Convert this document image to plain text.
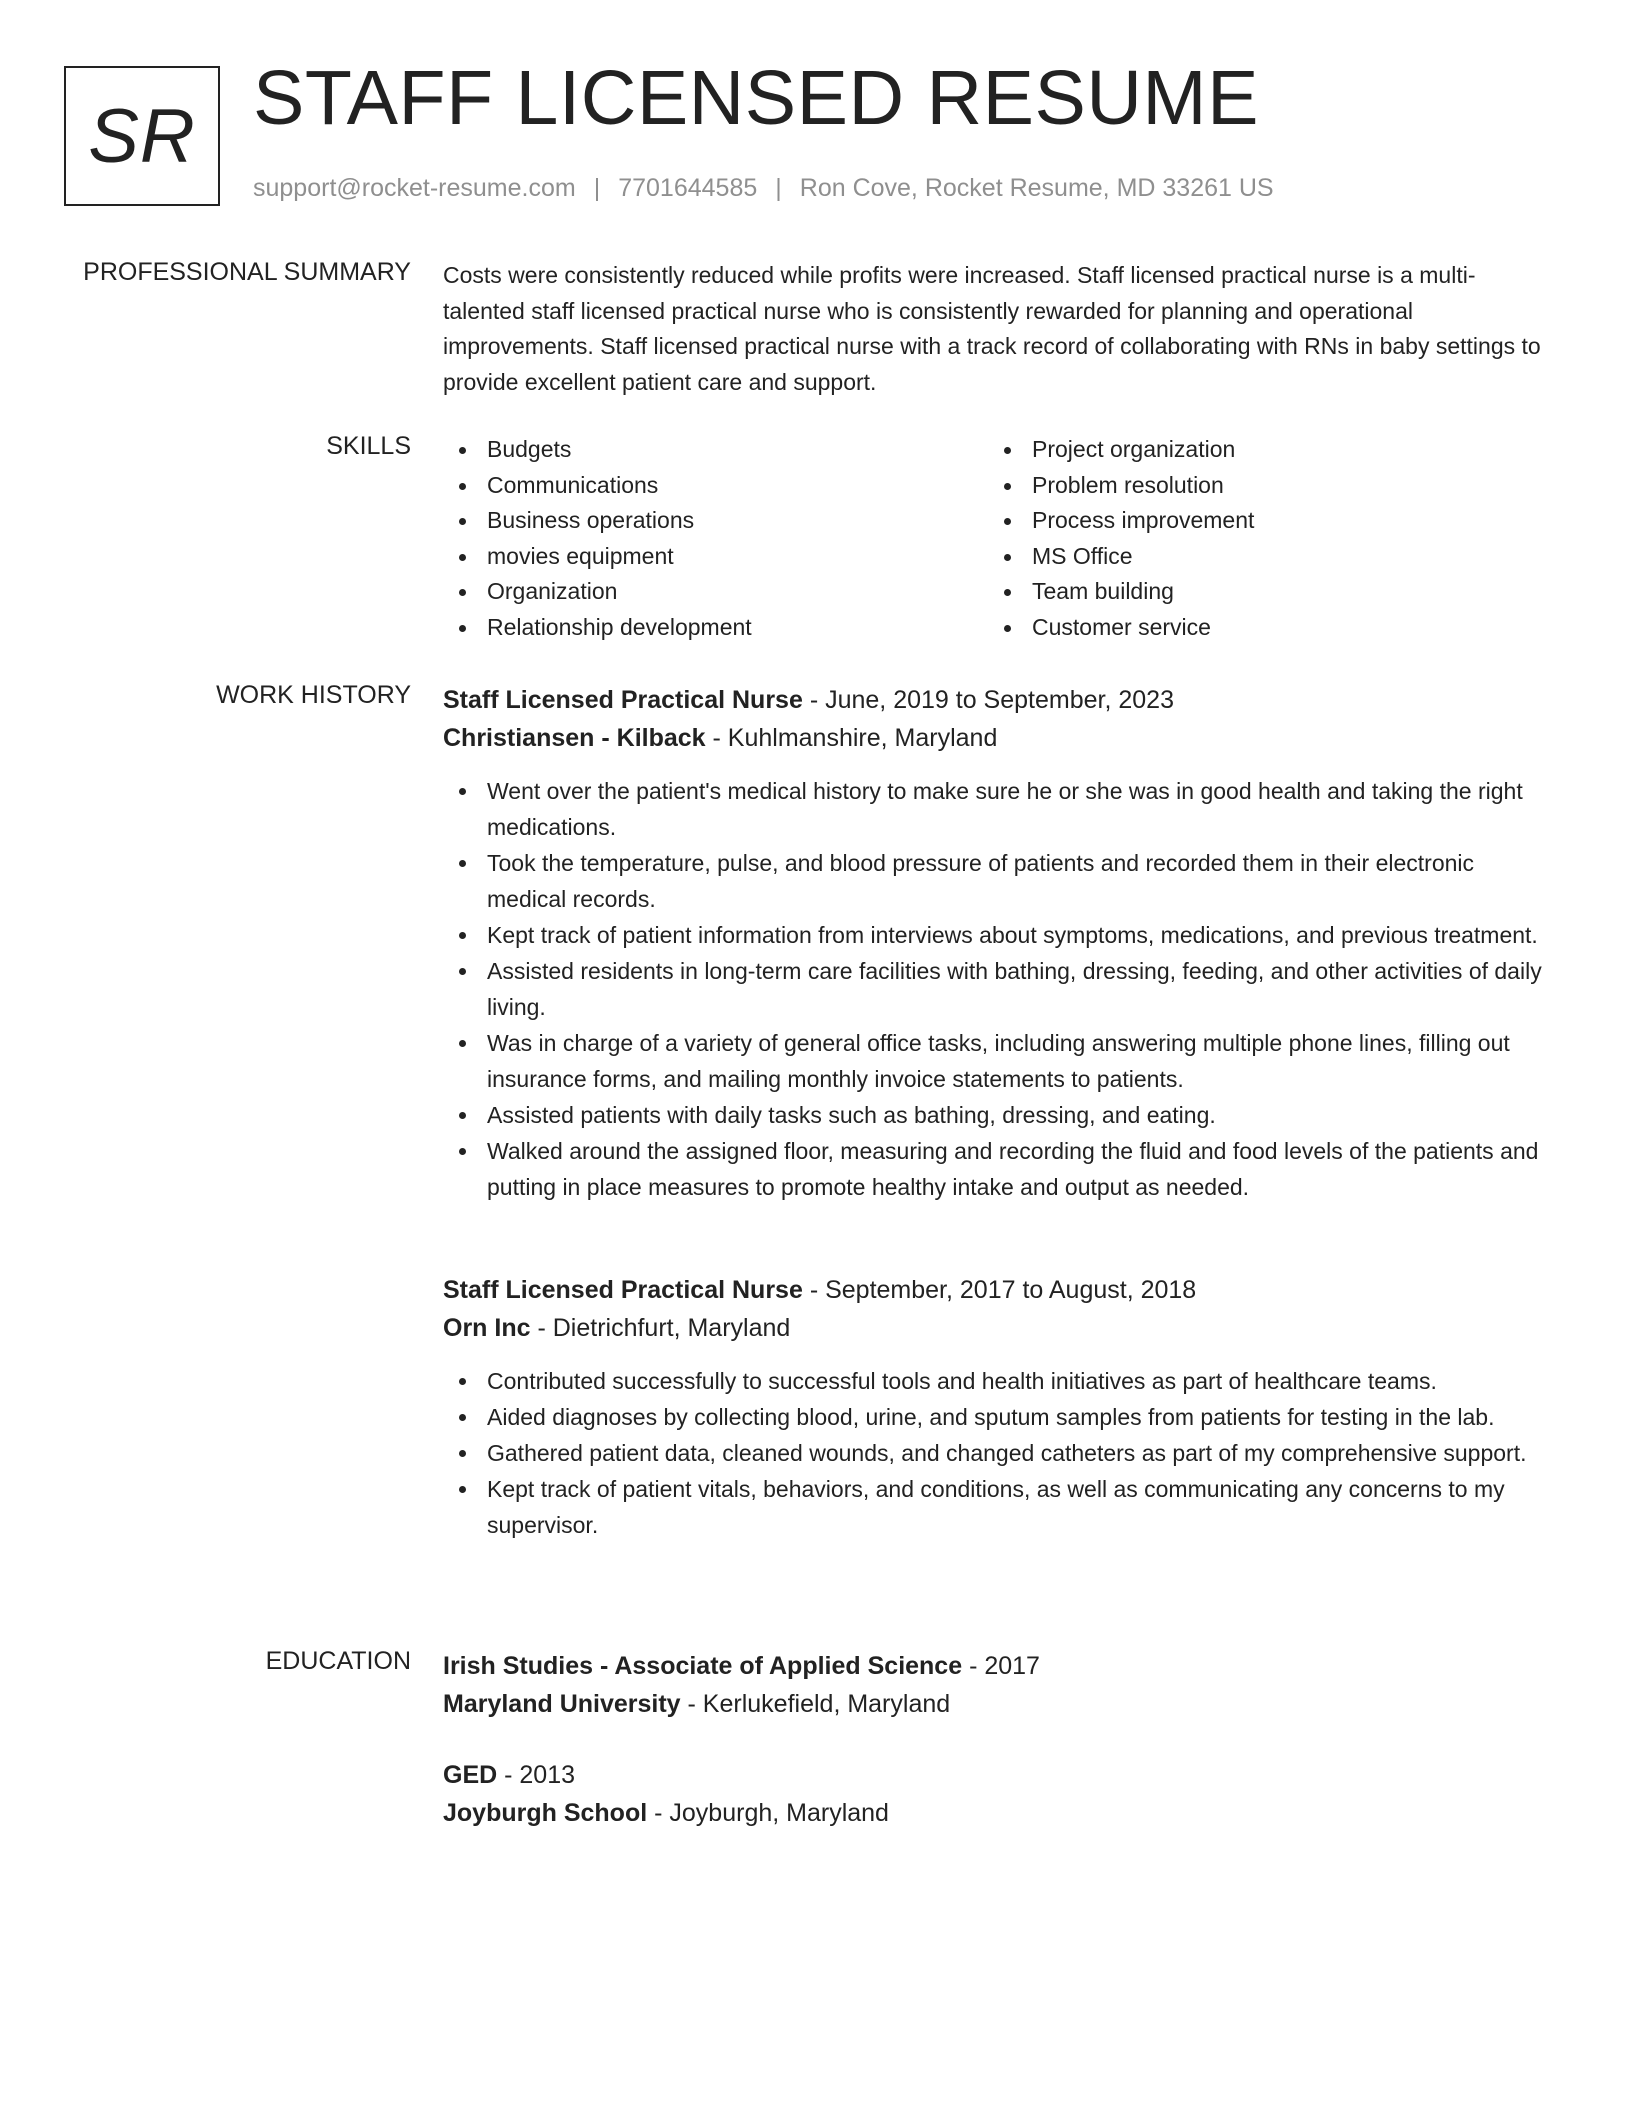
SR STAFF LICENSED RESUME
support@rocket-resume.com | 7701644585 | Ron Cove, Rocket Resume, MD 33261 US
PROFESSIONAL SUMMARY Costs were consistently reduced while profits were increased. Staff licensed practical nurse is a multi-talented staff licensed practical nurse who is consistently rewarded for planning and operational improvements. Staff licensed practical nurse with a track record of collaborating with RNs in baby settings to provide excellent patient care and support.

SKILLS	Budgets
Communications
Business operations
movies equipment
Organization
Relationship development
Project organization
Problem resolution
Process improvement
MS Office
Team building
Customer service
WORK HISTORY Staff Licensed Practical Nurse - June, 2019 to September, 2023

Christiansen - Kilback - Kuhlmanshire, Maryland

Went over the patient's medical history to make sure he or she was in good health and taking the right medications.
Took the temperature, pulse, and blood pressure of patients and recorded them in their electronic medical records.
Kept track of patient information from interviews about symptoms, medications, and previous treatment.
Assisted residents in long-term care facilities with bathing, dressing, feeding, and other activities of daily living.
Was in charge of a variety of general office tasks, including answering multiple phone lines, filling out insurance forms, and mailing monthly invoice statements to patients.
Assisted patients with daily tasks such as bathing, dressing, and eating.
Walked around the assigned floor, measuring and recording the fluid and food levels of the patients and putting in place measures to promote healthy intake and output as needed.

Staff Licensed Practical Nurse - September, 2017 to August, 2018

Orn Inc - Dietrichfurt, Maryland

Contributed successfully to successful tools and health initiatives as part of healthcare teams.
Aided diagnoses by collecting blood, urine, and sputum samples from patients for testing in the lab.
Gathered patient data, cleaned wounds, and changed catheters as part of my comprehensive support.
Kept track of patient vitals, behaviors, and conditions, as well as communicating any concerns to my supervisor.
EDUCATION Irish Studies - Associate of Applied Science - 2017

Maryland University - Kerlukefield, Maryland

GED - 2013

Joyburgh School - Joyburgh, Maryland
